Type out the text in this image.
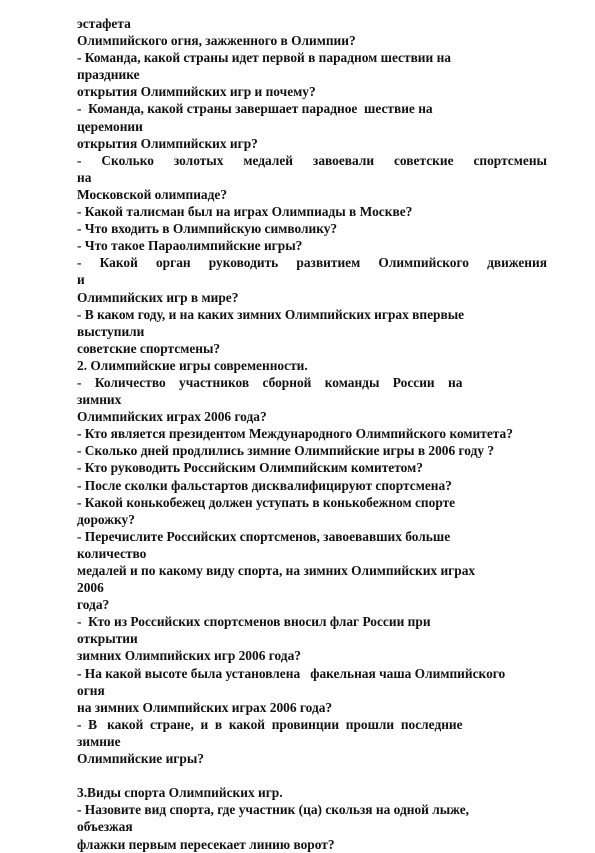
эстафета
Олимпийского огня, зажженного в Олимпии?
- Команда, какой страны идет первой в парадном шествии на
празднике
открытия Олимпийских игр и почему?
-  Команда, какой страны завершает парадное  шествие на
церемонии
открытия Олимпийских игр?
- Сколько золотых медалей завоевали советские спортсмены
на
Московской олимпиаде?
- Какой талисман был на играх Олимпиады в Москве?
- Что входить в Олимпийскую символику?
- Что такое Параолимпийские игры?
- Какой орган руководить развитием Олимпийского движения
и
Олимпийских игр в мире?
- В каком году, и на каких зимних Олимпийских играх впервые
выступили
советские спортсмены?
2. Олимпийские игры современности.
-    Количество    участников    сборной    команды    России    на
зимних
Олимпийских играх 2006 года?
- Кто является президентом Международного Олимпийского комитета?
- Сколько дней продлились зимние Олимпийские игры в 2006 году ?
- Кто руководить Российским Олимпийским комитетом?
- После сколки фальстартов дисквалифицируют спортсмена?
- Какой конькобежец должен уступать в конькобежном спорте
дорожку?
- Перечислите Российских спортсменов, завоевавших больше
количество
медалей и по какому виду спорта, на зимних Олимпийских играх
2006
года?
-  Кто из Российских спортсменов вносил флаг России при
открытии
зимних Олимпийских игр 2006 года?
- На какой высоте была установлена   факельная чаша Олимпийского
огня
на зимних Олимпийских играх 2006 года?
-  В   какой  стране,  и  в  какой  провинции  прошли  последние
зимние
Олимпийские игры?
3.Виды спорта Олимпийских игр.
- Назовите вид спорта, где участник (ца) скользя на одной лыже,
объезжая
флажки первым пересекает линию ворот?
